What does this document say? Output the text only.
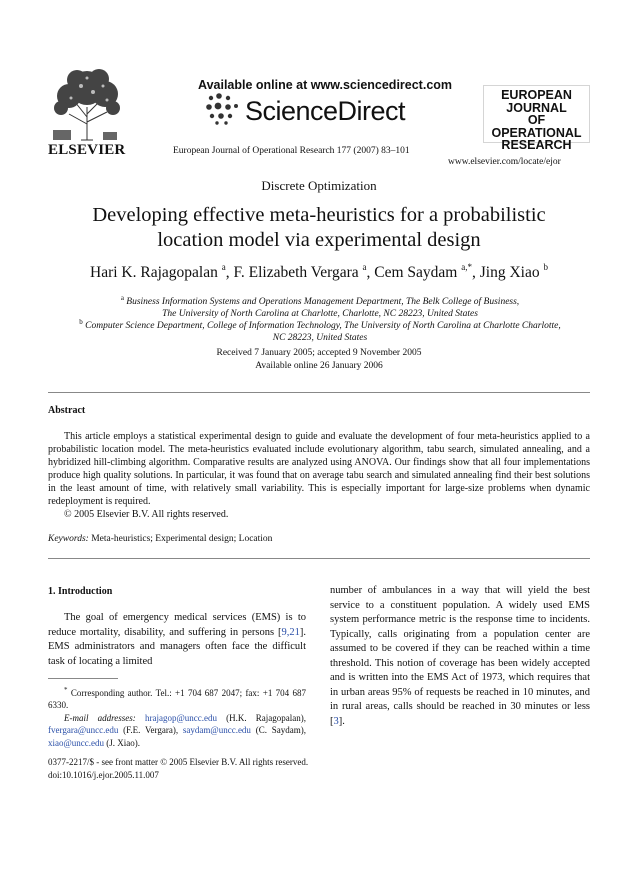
ELSEVIER
Available online at www.sciencedirect.com
ScienceDirect
European Journal of Operational Research 177 (2007) 83–101
EUROPEAN
JOURNAL
OF OPERATIONAL
RESEARCH
www.elsevier.com/locate/ejor
Discrete Optimization
Developing effective meta-heuristics for a probabilistic
location model via experimental design
Hari K. Rajagopalan $^a$, F. Elizabeth Vergara $^a$, Cem Saydam $^{a,*}$, Jing Xiao $^b$
$^a$ Business Information Systems and Operations Management Department, The Belk College of Business,
The University of North Carolina at Charlotte, Charlotte, NC 28223, United States
$^b$ Computer Science Department, College of Information Technology, The University of North Carolina at Charlotte Charlotte,
NC 28223, United States
Received 7 January 2005; accepted 9 November 2005
Available online 26 January 2006
Abstract

This article employs a statistical experimental design to guide and evaluate the development of four meta-heuristics applied to a probabilistic location model. The meta-heuristics evaluated include evolutionary algorithm, tabu search, simulated annealing, and a hybridized hill-climbing algorithm. Comparative results are analyzed using ANOVA. Our findings show that all four implementations produce high quality solutions. In particular, it was found that on average tabu search and simulated annealing find their best solutions in the least amount of time, with relatively small variability. This is especially important for large-size problems when dynamic redeployment is required.

© 2005 Elsevier B.V. All rights reserved.

Keywords: Meta-heuristics; Experimental design; Location
1. Introduction

The goal of emergency medical services (EMS) is to reduce mortality, disability, and suffering in persons [9,21]. EMS administrators and managers often face the difficult task of locating a limited

number of ambulances in a way that will yield the best service to a constituent population. A widely used EMS system performance metric is the response time to incidents. Typically, calls originating from a population center are assumed to be covered if they can be reached within a time threshold. This notion of coverage has been widely accepted and is written into the EMS Act of 1973, which requires that in urban areas 95% of requests be reached in 10 minutes, and in rural areas, calls should be reached in 30 minutes or less [3].

* Corresponding author. Tel.: +1 704 687 2047; fax: +1 704 687 6330.

E-mail addresses: hrajagop@uncc.edu (H.K. Rajagopalan), fvergara@uncc.edu (F.E. Vergara), saydam@uncc.edu (C. Saydam), xiao@uncc.edu (J. Xiao).

0377-2217/$ - see front matter © 2005 Elsevier B.V. All rights reserved.
doi:10.1016/j.ejor.2005.11.007
